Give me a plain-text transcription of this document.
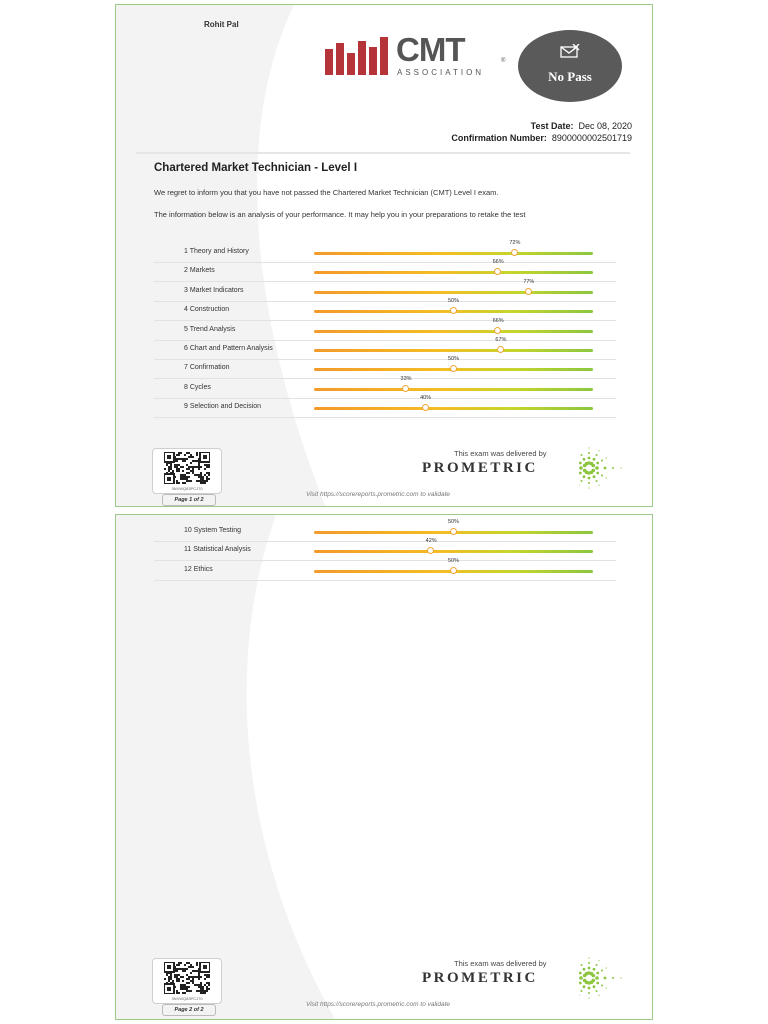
Rohit Pal
CMT	®
ASSOCIATION	No Pass
Test Date: Dec 08, 2020
Confirmation Number: 8900000002501719
Chartered Market Technician - Level I
We regret to inform you that you have not passed the Chartered Market Technician (CMT) Level I exam.
The information below is an analysis of your performance. It may help you in your preparations to retake the test
1 Theory and History
72%
2 Markets
66%
3 Market Indicators
77%
4 Construction
50%
5 Trend Analysis
66%
6 Chart and Pattern Analysis
67%
7 Confirmation
50%
8 Cycles
33%
9 Selection and Decision
40%
3NXWQ83PCJ70
Page 1 of 2
This exam was delivered by
PROMETRIC
Visit https://scorereports.prometric.com to validate
10 System Testing
50%
11 Statistical Analysis
42%
12 Ethics
50%
3NXWQ83PCJ70
Page 2 of 2
This exam was delivered by
PROMETRIC
Visit https://scorereports.prometric.com to validate
